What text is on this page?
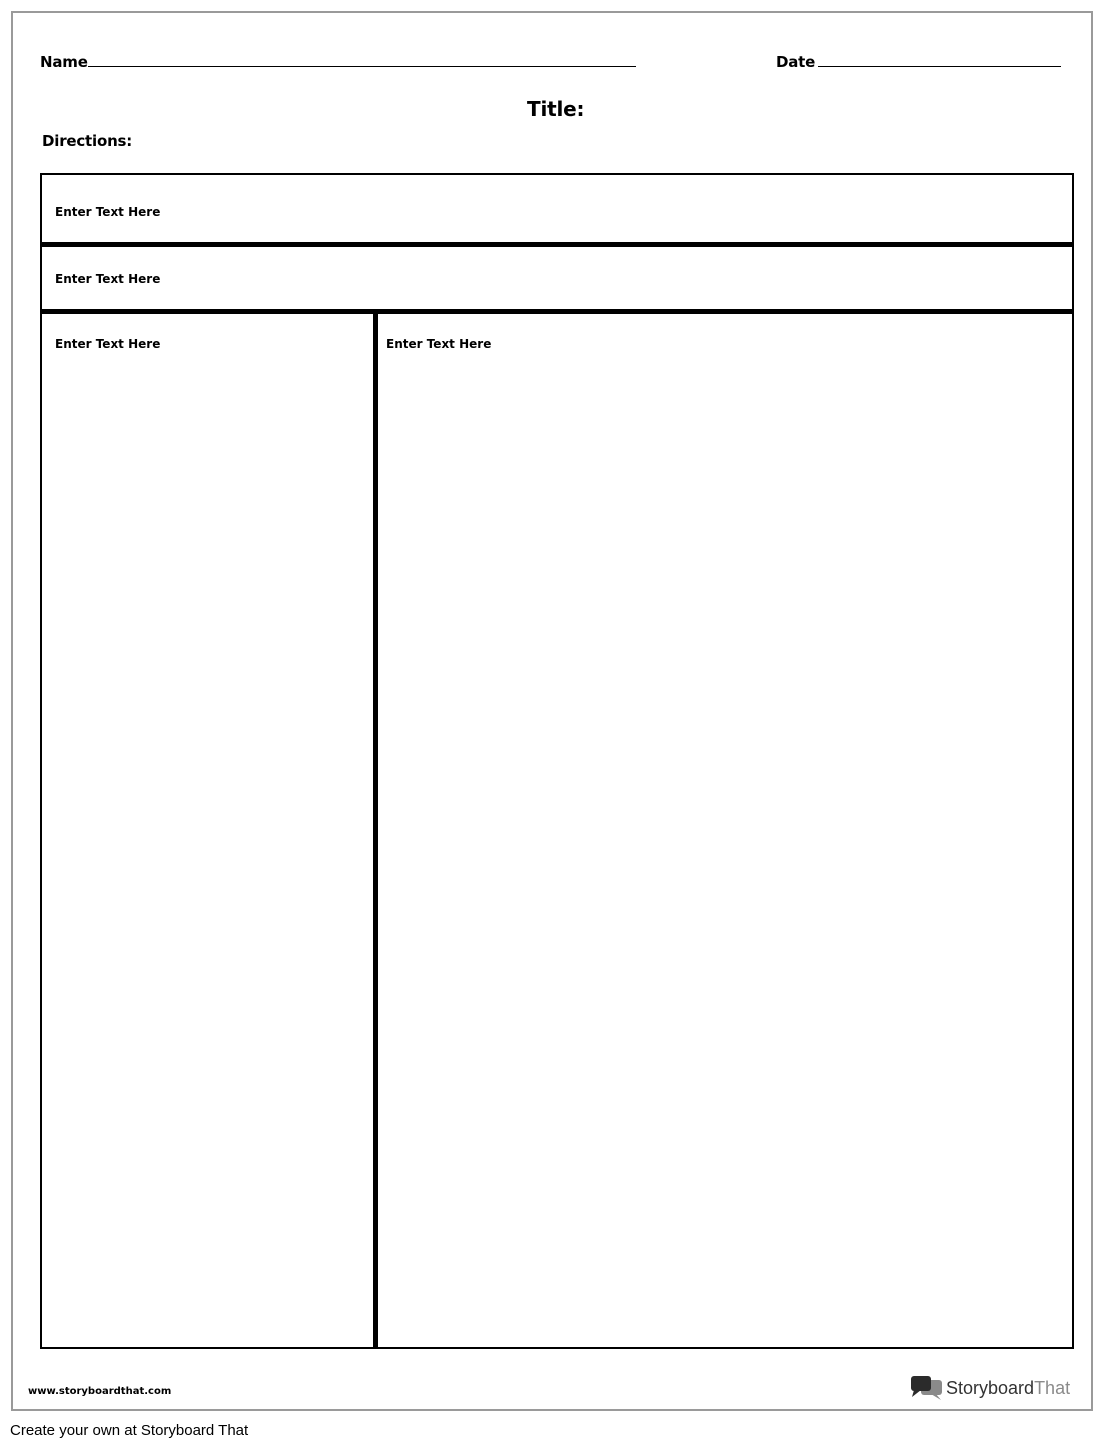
Name	Date
Title:
Directions:
Enter Text Here
Enter Text Here
Enter Text Here	Enter Text Here
www.storyboardthat.com	StoryboardThat
Create your own at Storyboard That
